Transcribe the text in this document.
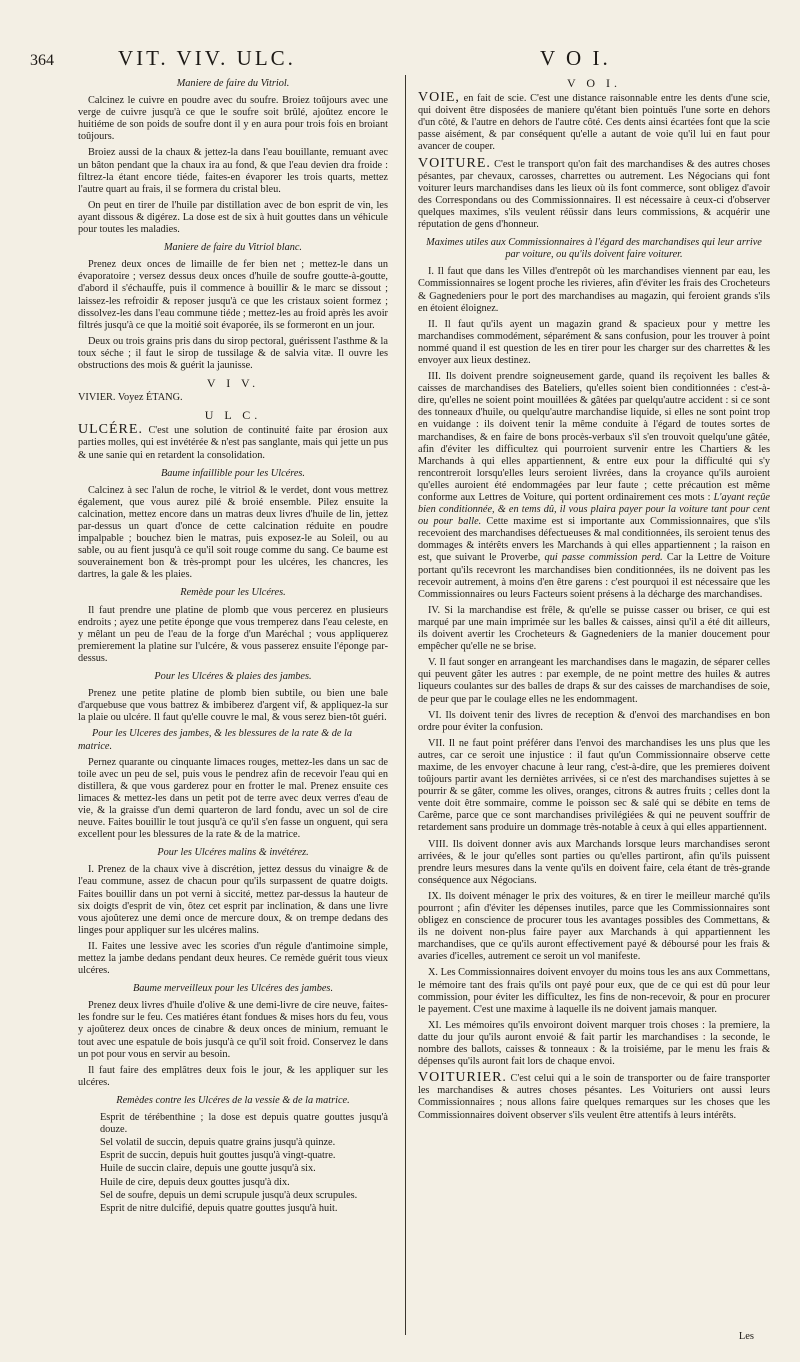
364	VIT. VIV. ULC.	V O I.

Maniere de faire du Vitriol.

Calcinez le cuivre en poudre avec du soufre. Broiez toûjours avec une verge de cuivre jusqu'à ce que le soufre soit brûlé, ajoûtez encore le huitiéme de son poids de soufre dont il y en aura pour trois fois en broiant toûjours.

Broiez aussi de la chaux & jettez-la dans l'eau bouillante, remuant avec un bâton pendant que la chaux ira au fond, & que l'eau devien dra froide : filtrez-la étant encore tiéde, faites-en évaporer les trois quarts, mettez l'autre quart au frais, il se formera du cristal bleu.

On peut en tirer de l'huile par distillation avec de bon esprit de vin, les ayant dissous & digérez. La dose est de six à huit gouttes dans un véhicule pour toutes les maladies.

Maniere de faire du Vitriol blanc.

Prenez deux onces de limaille de fer bien net ; mettez-le dans un évaporatoire ; versez dessus deux onces d'huile de soufre goutte-à-goutte, d'abord il s'échauffe, puis il commence à bouillir & le marc se dissout ; laissez-les refroidir & reposer jusqu'à ce que les cristaux soient formez ; dissolvez-les dans l'eau commune tiéde ; mettez-les au froid après les avoir filtrés jusqu'à ce que la moitié soit évaporée, ils se formeront en un jour.

Deux ou trois grains pris dans du sirop pectoral, guérissent l'asthme & la toux séche ; il faut le sirop de tussilage & de salvia vitæ. Il ouvre les obstructions des mois & guérit la jaunisse.

V I V.

VIVIER. Voyez ÉTANG.

U L C.

ULCÉRE. C'est une solution de continuité faite par érosion aux parties molles, qui est invétérée & n'est pas sanglante, mais qui jette un pus & une sanie qui en retardent la consolidation.

Baume infaillible pour les Ulcéres.

Calcinez à sec l'alun de roche, le vitriol & le verdet, dont vous mettrez également, que vous aurez pilé & broié ensemble. Pilez ensuite la calcination, mettez encore dans un matras deux livres d'huile de lin, jettez par-dessus un quart d'once de cette calcination réduite en poudre impalpable ; bouchez bien le matras, puis exposez-le au Soleil, ou au sable, ou au fient jusqu'à ce qu'il soit rouge comme du sang. Ce baume est souverainement bon & très-prompt pour les ulcéres, les chancres, les dartres, la gale & les plaies.

Remède pour les Ulcéres.

Il faut prendre une platine de plomb que vous percerez en plusieurs endroits ; ayez une petite éponge que vous tremperez dans l'eau celeste, en y mêlant un peu de l'eau de la forge d'un Maréchal ; vous appliquerez premierement la platine sur l'ulcére, & vous passerez ensuite l'éponge par-dessus.

Pour les Ulcéres & plaies des jambes.

Prenez une petite platine de plomb bien subtile, ou bien une bale d'arquebuse que vous battrez & imbiberez d'argent vif, & appliquez-la sur la plaie ou ulcére. Il faut qu'elle couvre le mal, & vous serez bien-tôt guéri.

Pour les Ulceres des jambes, & les blessures de la rate & de la matrice.

Pernez quarante ou cinquante limaces rouges, mettez-les dans un sac de toile avec un peu de sel, puis vous le pendrez afin de recevoir l'eau qui en distillera, & que vous garderez pour en frotter le mal. Prenez ensuite ces limaces & mettez-les dans un petit pot de terre avec deux verres d'eau de vie, & la graisse d'un demi quarteron de lard fondu, avec un sol de cire neuve. Faites bouillir le tout jusqu'à ce qu'il s'en fasse un onguent, qui sera excellent pour les blessures de la rate & de la matrice.

Pour les Ulcéres malins & invétérez.

I. Prenez de la chaux vive à discrétion, jettez dessus du vinaigre & de l'eau commune, assez de chacun pour qu'ils surpassent de quatre doigts. Faites bouillir dans un pot verni à siccité, mettez par-dessus la hauteur de six doigts d'esprit de vin, ôtez cet esprit par inclination, & dans une livre vous ajoûterez une demi once de mercure doux, & on trempe dedans des linges pour appliquer sur les ulcéres malins.

II. Faites une lessive avec les scories d'un régule d'antimoine simple, mettez la jambe dedans pendant deux heures. Ce remède guérit tous vieux ulcéres.

Baume merveilleux pour les Ulcéres des jambes.

Prenez deux livres d'huile d'olive & une demi-livre de cire neuve, faites-les fondre sur le feu. Ces matiéres étant fondues & mises hors du feu, vous y ajoûterez deux onces de cinabre & deux onces de minium, remuant le tout avec une espatule de bois jusqu'à ce qu'il soit froid. Conservez le dans un pot pour vous en servir au besoin.

Il faut faire des emplâtres deux fois le jour, & les appliquer sur les ulcéres.

Remèdes contre les Ulcéres de la vessie & de la matrice.

Esprit de térébenthine ; la dose est depuis quatre gouttes jusqu'à douze.

Sel volatil de succin, depuis quatre grains jusqu'à quinze.

Esprit de succin, depuis huit gouttes jusqu'à vingt-quatre.

Huile de succin claire, depuis une goutte jusqu'à six.

Huile de cire, depuis deux gouttes jusqu'à dix.

Sel de soufre, depuis un demi scrupule jusqu'à deux scrupules.

Esprit de nitre dulcifié, depuis quatre gouttes jusqu'à huit.

V O I.

VOIE, en fait de scie. C'est une distance raisonnable entre les dents d'une scie, qui doivent être disposées de maniere qu'étant bien pointuës l'une sorte en dehors d'un côté, & l'autre en dehors de l'autre côté. Ces dents ainsi écartées font que la scie passe aisément, & par conséquent qu'elle a autant de voie qu'il lui en faut pour avancer de couper.

VOITURE. C'est le transport qu'on fait des marchandises & des autres choses pésantes, par chevaux, carosses, charrettes ou autrement. Les Négocians qui font voiturer leurs marchandises dans les lieux où ils font commerce, sont obligez d'avoir des Correspondans ou des Commissionnaires. Il est nécessaire à ceux-ci d'observer quelques maximes, s'ils veulent réüssir dans leurs commissions, & acquérir une réputation de gens d'honneur.

Maximes utiles aux Commissionnaires à l'égard des marchandises qui leur arrive par voiture, ou qu'ils doivent faire voiturer.

I. Il faut que dans les Villes d'entrepôt où les marchandises viennent par eau, les Commissionnaires se logent proche les rivieres, afin d'éviter les frais des Crocheteurs & Gagnedeniers pour le port des marchandises au magazin, qui feroient grands s'ils en étoient éloignez.

II. Il faut qu'ils ayent un magazin grand & spacieux pour y mettre les marchandises commodément, séparément & sans confusion, pour les trouver à point nommé quand il est question de les en tirer pour les charger sur des charrettes & les envoyer aux lieux destinez.

III. Ils doivent prendre soigneusement garde, quand ils reçoivent les balles & caisses de marchandises des Bateliers, qu'elles soient bien conditionnées : c'est-à-dire, qu'elles ne soient point mouillées & gâtées par quelqu'autre accident : si ce sont des tonneaux d'huile, ou quelqu'autre marchandise liquide, si elles ne sont point trop en vuidange : ils doivent tenir la même conduite à l'égard de toutes sortes de marchandises, & en faire de bons procès-verbaux s'il s'en trouvoit quelqu'une gâtée, afin d'éviter les difficultez qui pourroient survenir entre les Chartiers & les Marchands à qui elles appartiennent, & entre eux pour la difficulté qui s'y rencontreroit lorsqu'elles leurs seroient livrées, dans la croyance qu'ils auroient qu'elles auroient été endommagées par leur faute ; cette précaution est même conforme aux Lettres de Voiture, qui portent ordinairement ces mots : L'ayant reçûe bien conditionnée, & en tems dû, il vous plaira payer pour la voiture tant pour cent ou pour balle. Cette maxime est si importante aux Commissionnaires, que s'ils recevoient des marchandises défectueuses & mal conditionnées, ils seroient tenus des dommages & intérêts envers les Marchands à qui elles appartiennent ; la raison en est, que suivant le Proverbe, qui passe commission perd. Car la Lettre de Voiture portant qu'ils recevront les marchandises bien conditionnées, ils ne doivent pas les recevoir autrement, à moins d'en être garens : c'est pourquoi il est nécessaire que les Commissionnaires ou leurs Facteurs soient présens à la décharge des marchandises.

IV. Si la marchandise est frêle, & qu'elle se puisse casser ou briser, ce qui est marqué par une main imprimée sur les balles & caisses, ainsi qu'il a été dit ailleurs, ils doivent avertir les Crocheteurs & Gagnedeniers de la manier doucement pour empêcher qu'elle ne se brise.

V. Il faut songer en arrangeant les marchandises dans le magazin, de séparer celles qui peuvent gâter les autres : par exemple, de ne point mettre des huiles & autres liqueurs coulantes sur des balles de draps & sur des caisses de marchandises de soie, de peur que par le coulage elles ne les endommagent.

VI. Ils doivent tenir des livres de reception & d'envoi des marchandises en bon ordre pour éviter la confusion.

VII. Il ne faut point préférer dans l'envoi des marchandises les uns plus que les autres, car ce seroit une injustice : il faut qu'un Commissionnaire observe cette maxime, de les envoyer chacune à leur rang, c'est-à-dire, que les premieres doivent toûjours partir avant les derniètes arrivées, si ce n'est des marchandises sujettes à se pourrir & se gâter, comme les olives, oranges, citrons & autres fruits ; celles dont la vente doit être sommaire, comme le poisson sec & salé qui se débite en tems de Carême, parce que ce sont marchandises privilégiées & qui ne peuvent souffrir de retardement sans produire un dommage très-notable à ceux à qui elles appartiennent.

VIII. Ils doivent donner avis aux Marchands lorsque leurs marchandises seront arrivées, & le jour qu'elles sont parties ou qu'elles partiront, afin qu'ils puissent prendre leurs mesures dans la vente qu'ils en doivent faire, cela étant de très-grande conséquence aux Négocians.

IX. Ils doivent ménager le prix des voitures, & en tirer le meilleur marché qu'ils pourront ; afin d'éviter les dépenses inutiles, parce que les Commissionnaires sont obligez en conscience de procurer tous les avantages possibles des Commettans, & ils ne doivent non-plus faire payer aux Marchands à qui appartiennent les marchandises, que ce qu'ils auront effectivement payé & déboursé pour les frais & avaries d'icelles, autrement ce seroit un vol manifeste.

X. Les Commissionnaires doivent envoyer du moins tous les ans aux Commettans, le mémoire tant des frais qu'ils ont payé pour eux, que de ce qui est dû pour leur commission, pour éviter les difficultez, les fins de non-recevoir, & pour en procurer le payement. C'est une maxime à laquelle ils ne doivent jamais manquer.

XI. Les mémoires qu'ils envoiront doivent marquer trois choses : la premiere, la datte du jour qu'ils auront envoié & fait partir les marchandises : la seconde, le nombre des ballots, caisses & tonneaux : & la troisiéme, par le menu les frais & dépenses qu'ils auront fait lors de chaque envoi.

VOITURIER. C'est celui qui a le soin de transporter ou de faire transporter les marchandises & autres choses pésantes. Les Voituriers ont aussi leurs Commissionnaires ; nous allons faire quelques remarques sur les choses que les Commissionnaires doivent observer s'ils veulent être attentifs à leurs intérêts.

Les
